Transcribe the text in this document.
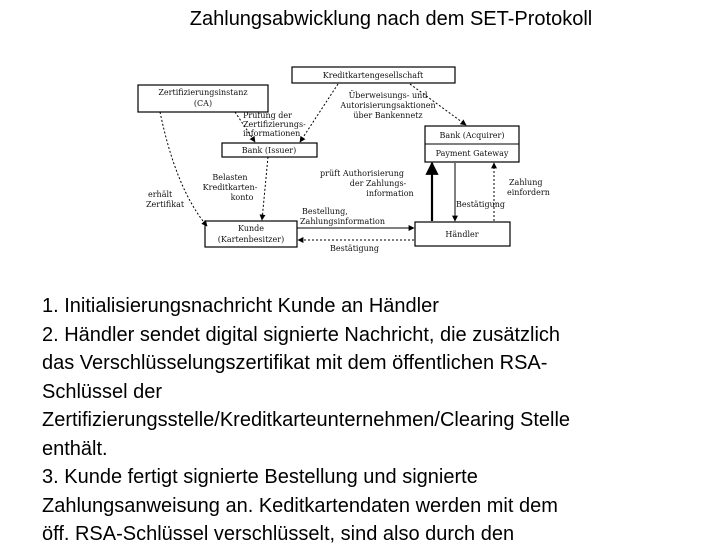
Zahlungsabwicklung nach dem SET-Protokoll
Kreditkartengesellschaft
Zertifizierungsinstanz
(CA)
Bank (Issuer)
Bank (Acquirer)
Payment Gateway
Kunde
(Kartenbesitzer)
Händler
Überweisungs- und
Autorisierungsaktionen
über Bankennetz
Prüfung der
Zertifizierungs-
informationen
Belasten
Kreditkarten-
konto
erhält
Zertifikat
prüft Authorisierung
der Zahlungs-
information
Zahlung
einfordern
Bestätigung
Bestellung,
Zahlungsinformation
Bestätigung
1. Initialisierungsnachricht Kunde an Händler
2. Händler sendet digital signierte Nachricht, die zusätzlich
das Verschlüsselungszertifikat mit dem öffentlichen RSA-
Schlüssel der
Zertifizierungsstelle/Kreditkarteunternehmen/Clearing Stelle
enthält.
3. Kunde fertigt signierte Bestellung und signierte
Zahlungsanweisung an. Keditkartendaten werden mit dem
öff. RSA-Schlüssel verschlüsselt, sind also durch den
